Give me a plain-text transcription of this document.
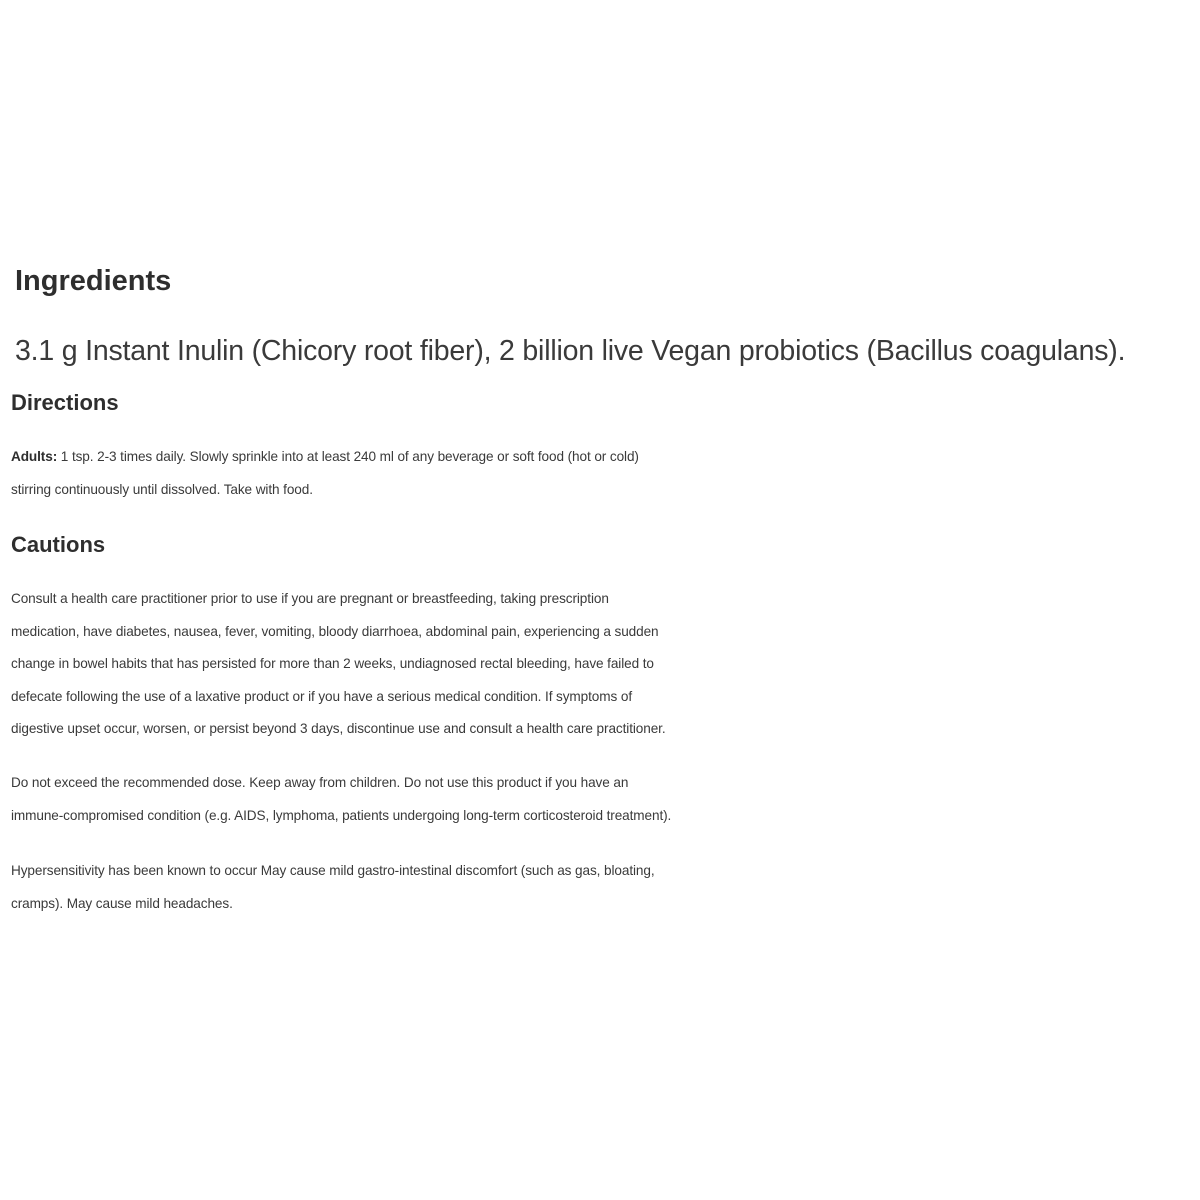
Ingredients

3.1 g Instant Inulin (Chicory root fiber), 2 billion live Vegan probiotics (Bacillus coagulans).

Directions

Adults: 1 tsp. 2-3 times daily. Slowly sprinkle into at least 240 ml of any beverage or soft food (hot or cold)
stirring continuously until dissolved. Take with food.

Cautions

Consult a health care practitioner prior to use if you are pregnant or breastfeeding, taking prescription
medication, have diabetes, nausea, fever, vomiting, bloody diarrhoea, abdominal pain, experiencing a sudden
change in bowel habits that has persisted for more than 2 weeks, undiagnosed rectal bleeding, have failed to
defecate following the use of a laxative product or if you have a serious medical condition. If symptoms of
digestive upset occur, worsen, or persist beyond 3 days, discontinue use and consult a health care practitioner.

Do not exceed the recommended dose. Keep away from children. Do not use this product if you have an
immune-compromised condition (e.g. AIDS, lymphoma, patients undergoing long-term corticosteroid treatment).

Hypersensitivity has been known to occur May cause mild gastro-intestinal discomfort (such as gas, bloating,
cramps). May cause mild headaches.
